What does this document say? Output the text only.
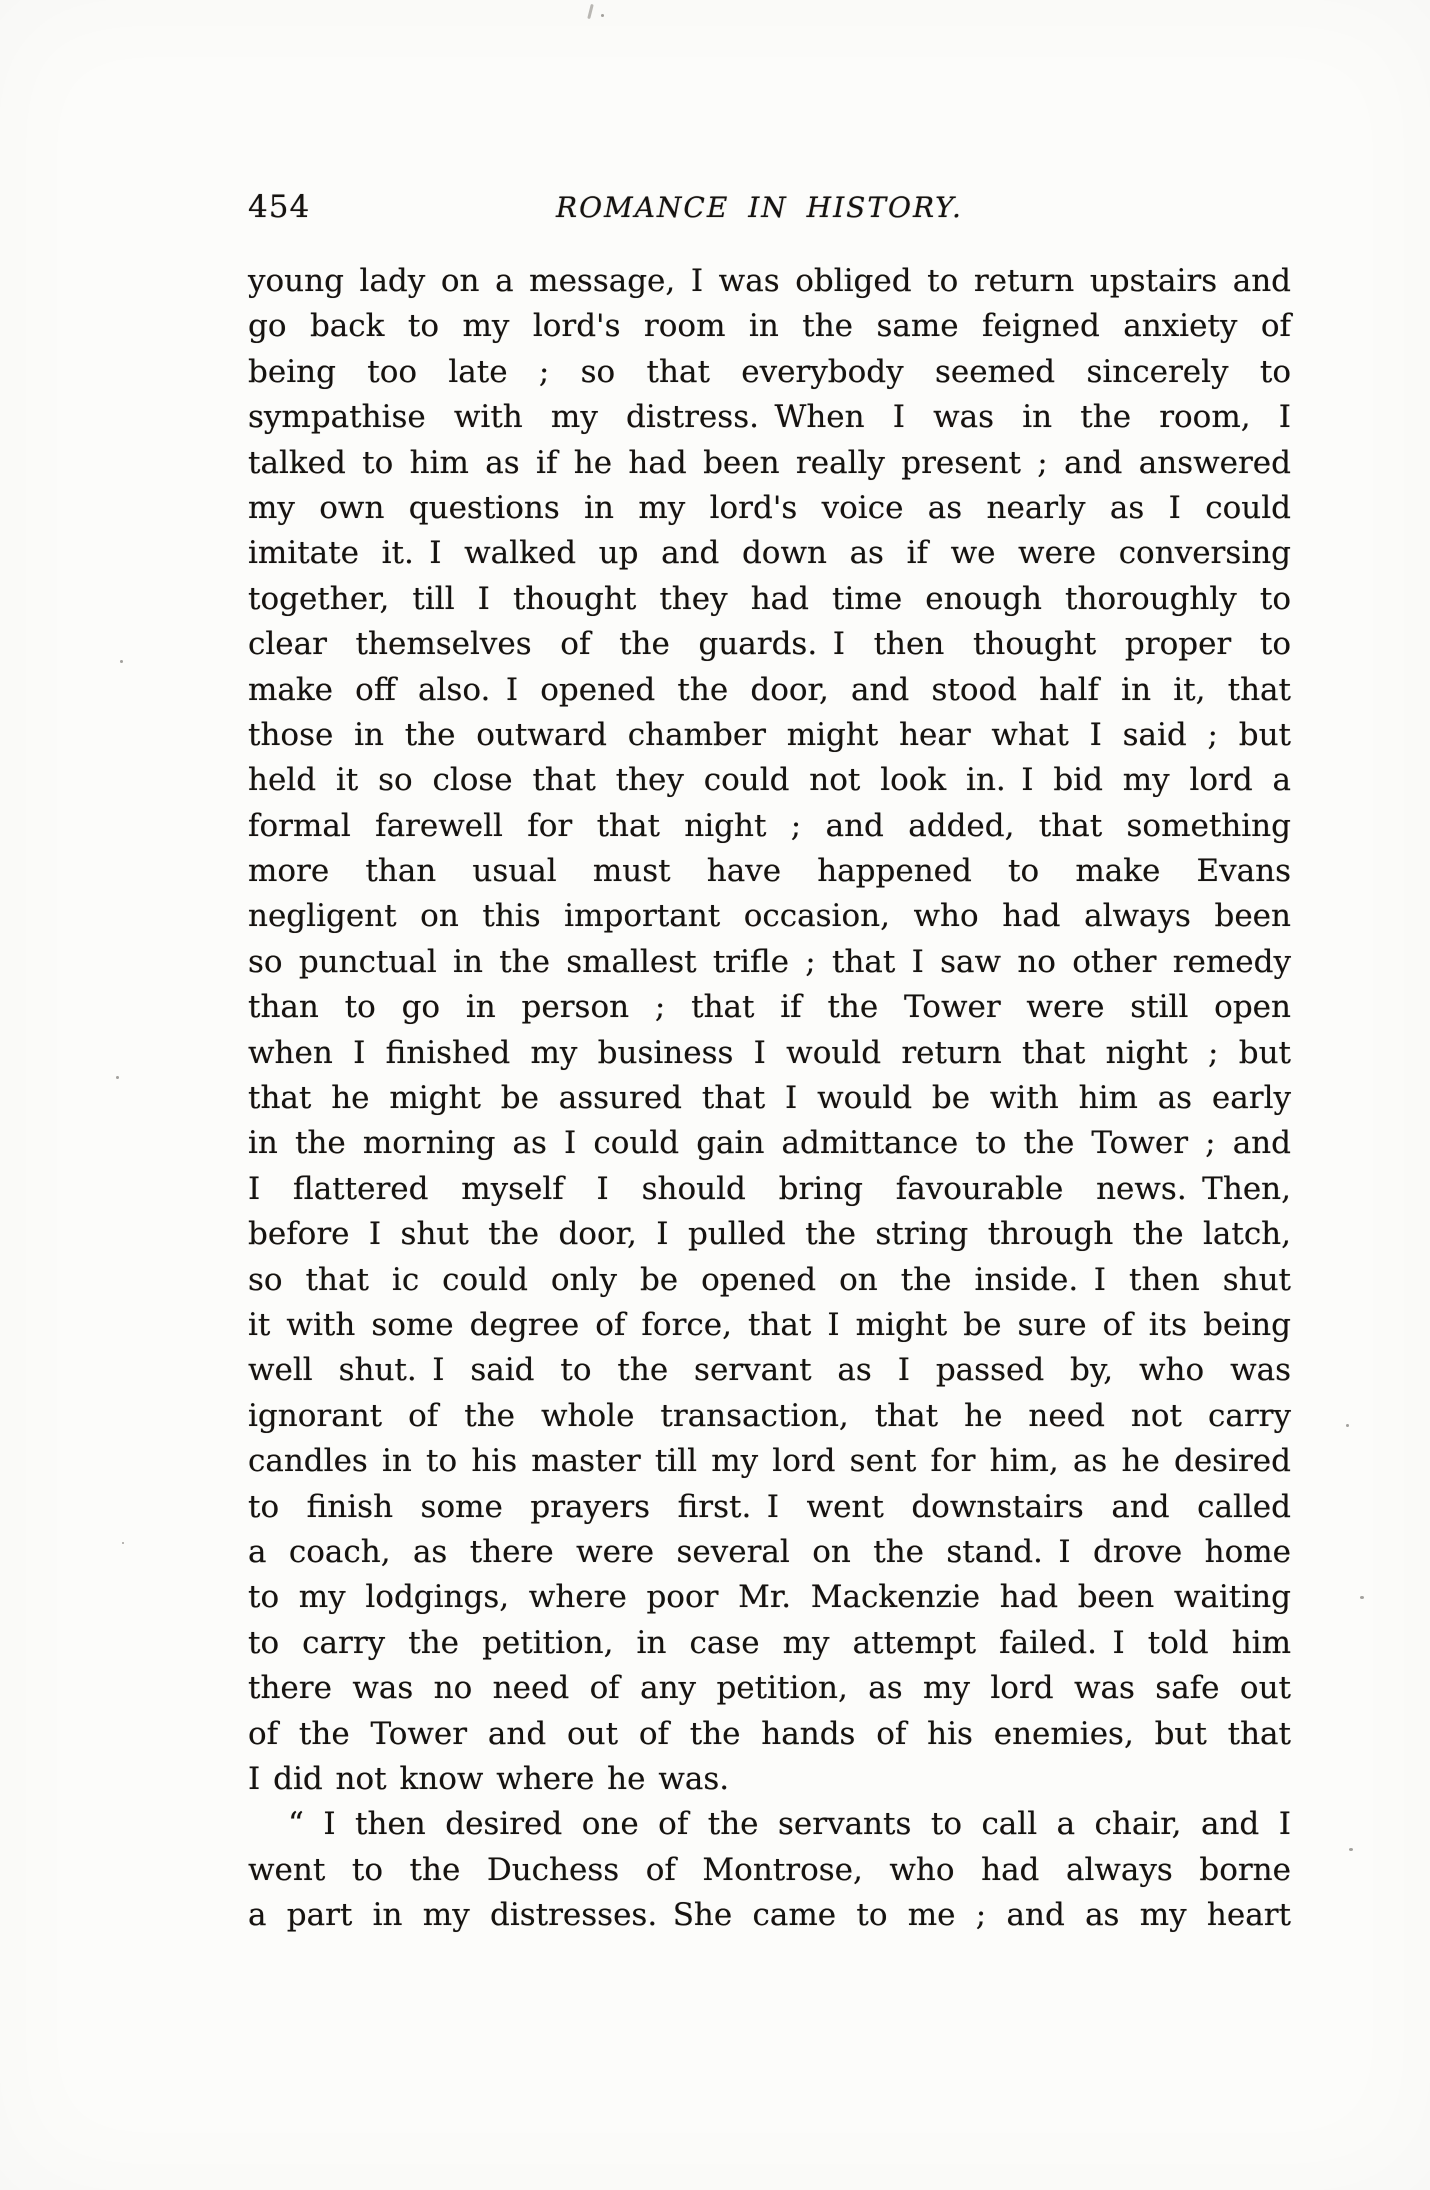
454	ROMANCE IN HISTORY.
young lady on a message, I was obliged to return upstairs and
go back to my lord's room in the same feigned anxiety of
being too late ; so that everybody seemed sincerely to
sympathise with my distress. When I was in the room, I
talked to him as if he had been really present ; and answered
my own questions in my lord's voice as nearly as I could
imitate it. I walked up and down as if we were conversing
together, till I thought they had time enough thoroughly to
clear themselves of the guards. I then thought proper to
make off also. I opened the door, and stood half in it, that
those in the outward chamber might hear what I said ; but
held it so close that they could not look in. I bid my lord a
formal farewell for that night ; and added, that something
more than usual must have happened to make Evans
negligent on this important occasion, who had always been
so punctual in the smallest trifle ; that I saw no other remedy
than to go in person ; that if the Tower were still open
when I finished my business I would return that night ; but
that he might be assured that I would be with him as early
in the morning as I could gain admittance to the Tower ; and
I flattered myself I should bring favourable news. Then,
before I shut the door, I pulled the string through the latch,
so that ic could only be opened on the inside. I then shut
it with some degree of force, that I might be sure of its being
well shut. I said to the servant as I passed by, who was
ignorant of the whole transaction, that he need not carry
candles in to his master till my lord sent for him, as he desired
to finish some prayers first. I went downstairs and called
a coach, as there were several on the stand. I drove home
to my lodgings, where poor Mr. Mackenzie had been waiting
to carry the petition, in case my attempt failed. I told him
there was no need of any petition, as my lord was safe out
of the Tower and out of the hands of his enemies, but that
I did not know where he was.
“ I then desired one of the servants to call a chair, and I
went to the Duchess of Montrose, who had always borne
a part in my distresses. She came to me ; and as my heart
